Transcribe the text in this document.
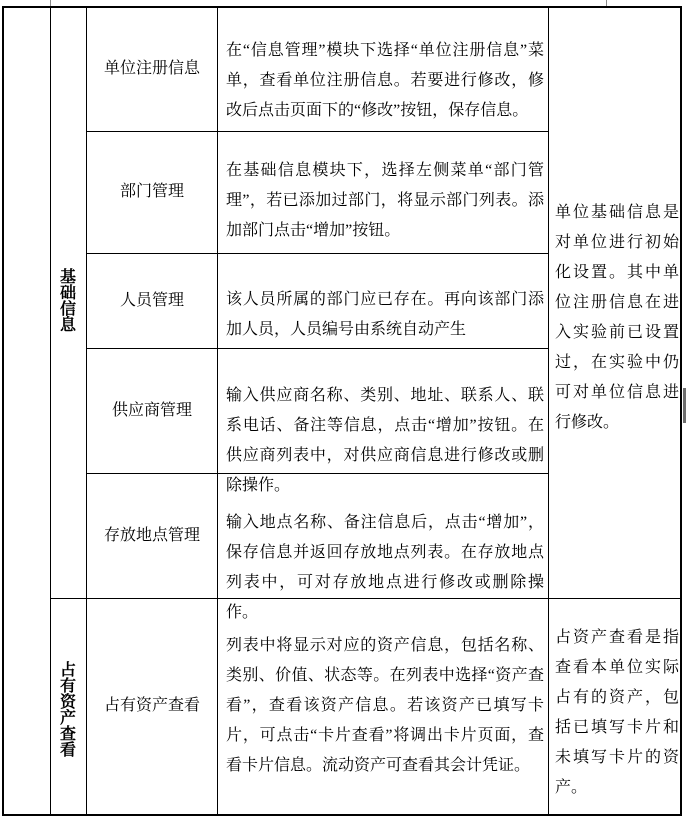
基础信息
占有资产查看
单位注册信息
部门管理
人员管理
供应商管理
存放地点管理
占有资产查看
在“信息管理”模块下选择“单位注册信息”菜单，查看单位注册信息。若要进行修改，修改后点击页面下的“修改”按钮，保存信息。
在基础信息模块下，选择左侧菜单“部门管理”，若已添加过部门，将显示部门列表。添加部门点击“增加”按钮。
该人员所属的部门应已存在。再向该部门添加人员，人员编号由系统自动产生
输入供应商名称、类别、地址、联系人、联系电话、备注等信息，点击“增加”按钮。在供应商列表中，对供应商信息进行修改或删除操作。
输入地点名称、备注信息后，点击“增加”，保存信息并返回存放地点列表。在存放地点列表中，可对存放地点进行修改或删除操作。
列表中将显示对应的资产信息，包括名称、类别、价值、状态等。在列表中选择“资产查看”，查看该资产信息。若该资产已填写卡片，可点击“卡片查看”将调出卡片页面，查看卡片信息。流动资产可查看其会计凭证。
单位基础信息是对单位进行初始化设置。其中单位注册信息在进入实验前已设置过，在实验中仍可对单位信息进行修改。
占资产查看是指查看本单位实际占有的资产，包括已填写卡片和未填写卡片的资产。
